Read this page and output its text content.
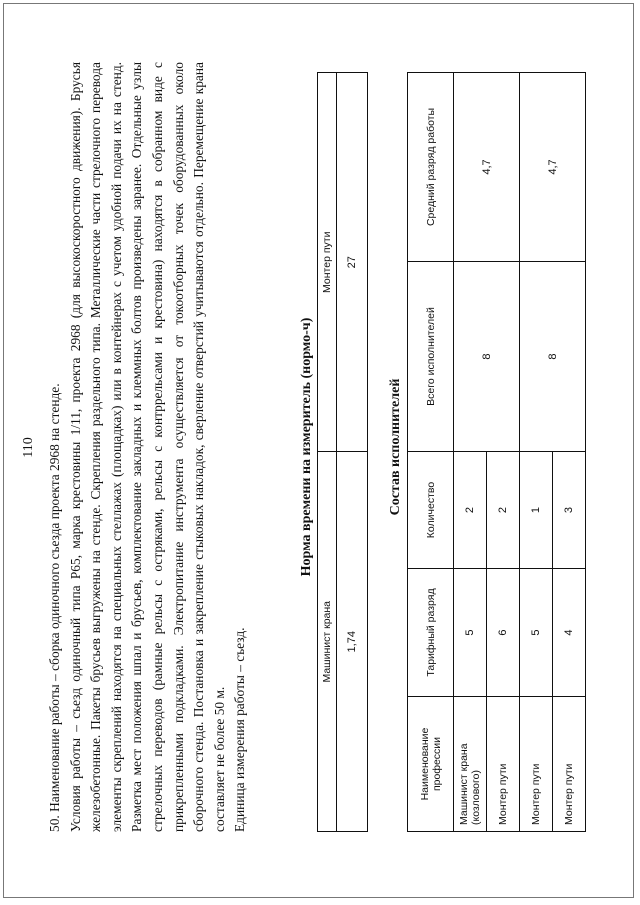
110 50. Наименование работы – сборка одиночного съезда проекта 2968 на стенде. Условия работы – съезд одиночный типа Р65, марка крестовины 1/11, проекта 2968 (для высокоскоростного движения). Брусья железобетонные. Пакеты брусьев выгружены на стенде. Скрепления раздельного типа. Металлические части стрелочного перевода элементы скреплений находятся на специальных стеллажах (площадках) или в контейнерах с учетом удобной подачи их на стенд. Разметка мест положения шпал и брусьев, комплектование закладных и клеммных болтов произведены заранее. Отдельные узлы стрелочных переводов (рамные рельсы с остряками, рельсы с контррельсами и крестовина) находятся в собранном виде с прикрепленными подкладками. Электропитание инструмента осуществляется от токоотборных точек оборудованных около сборочного стенда. Постановка и закрепление стыковых накладок, сверление отверстий учитываются отдельно. Перемещение крана составляет не более 50 м. Единица измерения работы – съезд.

Норма времени на измеритель (нормо-ч)
Машинист крана	Монтер пути
1,74	27
Состав исполнителей
Наименование профессии	Тарифный разряд	Количество	Всего исполнителей	Средний разряд работы
Машинист крана (козлового)	5	2	8	4,7
Монтер пути	6	2		
Монтер пути	5	1	8	4,7
Монтер пути	4	3		
